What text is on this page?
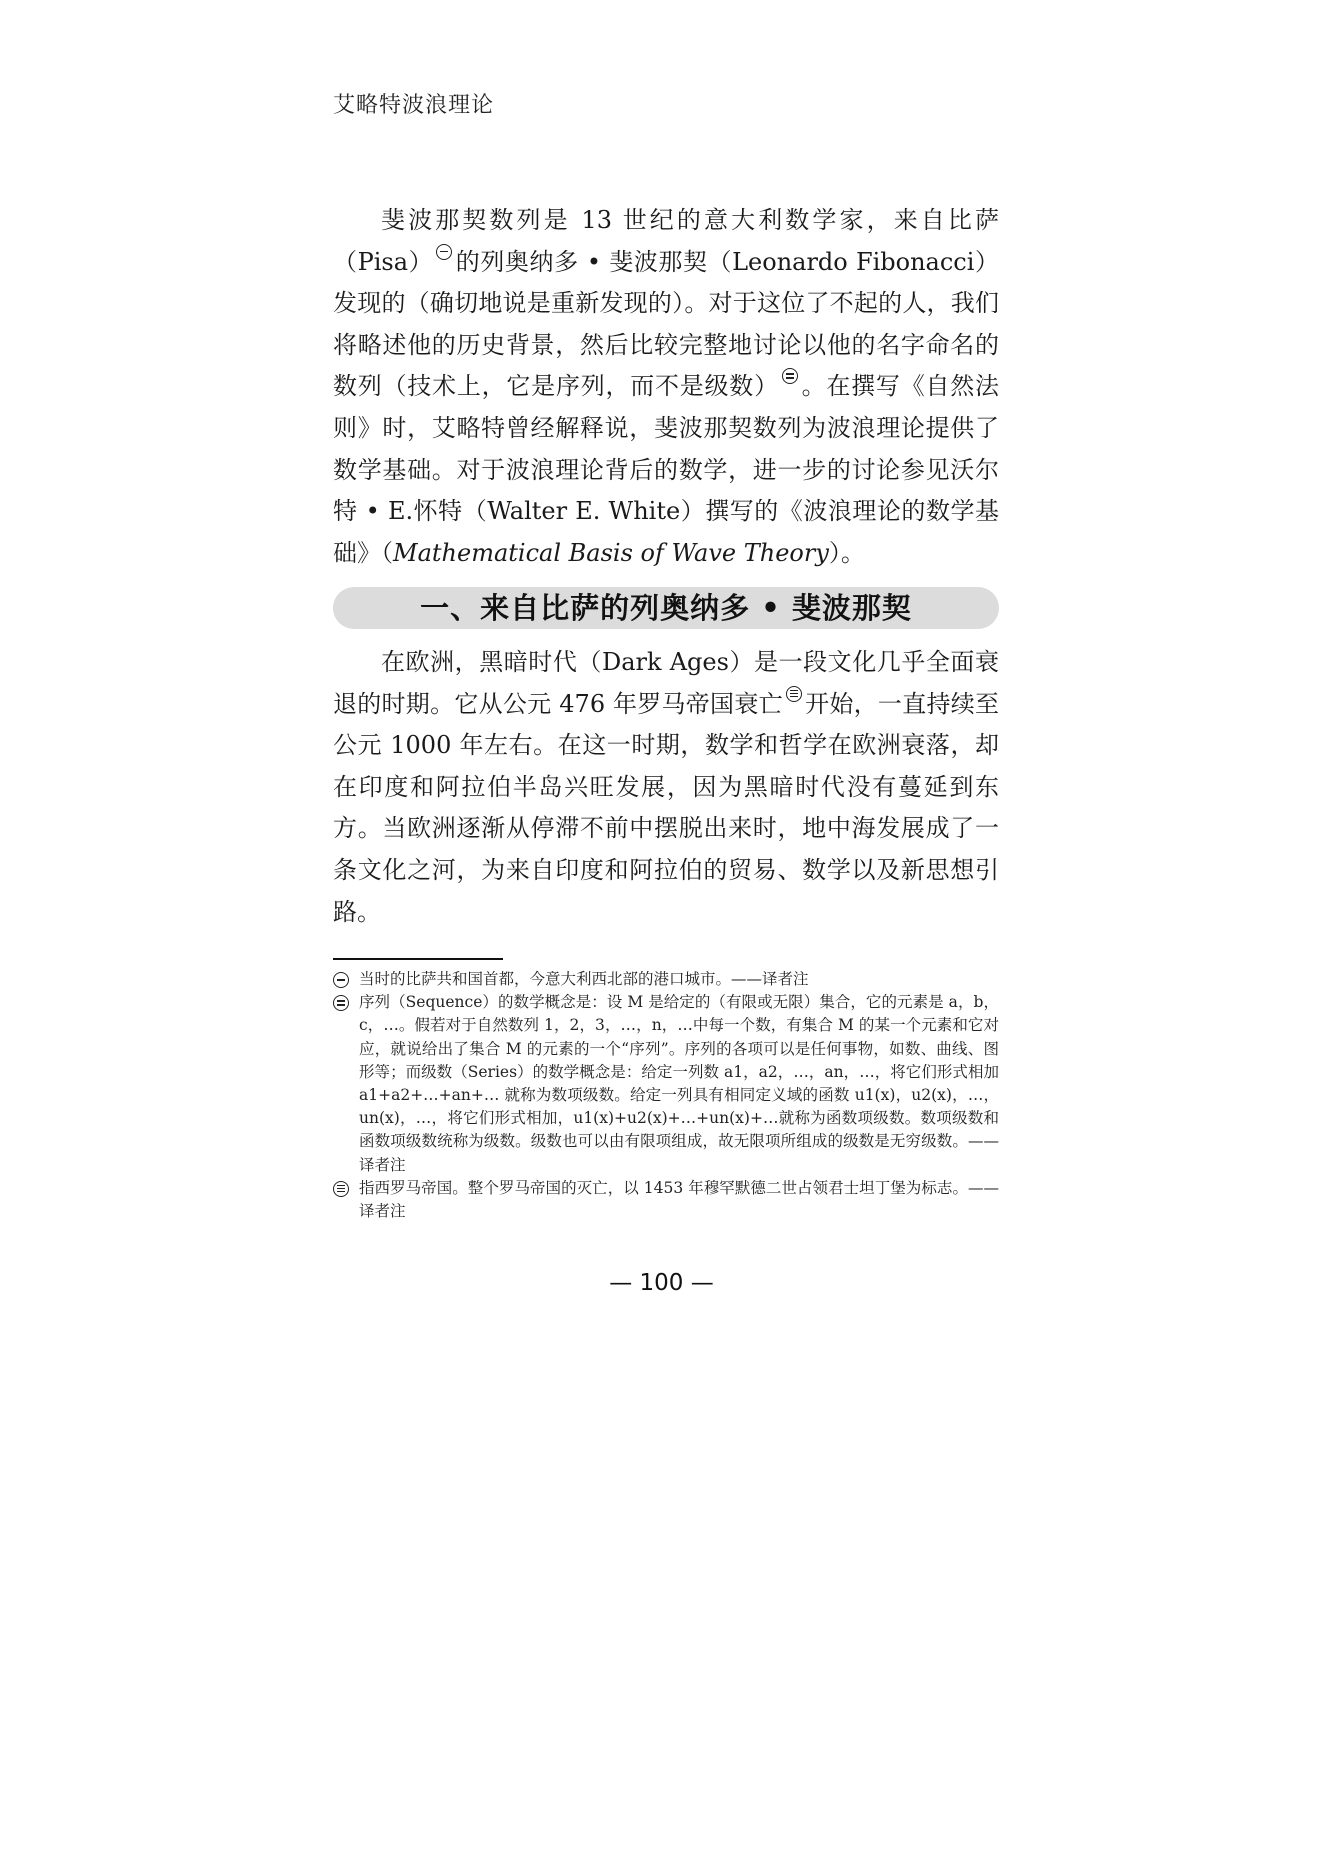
艾略特波浪理论

斐波那契数列是 13 世纪的意大利数学家，来自比萨（Pisa） 的列奥纳多 • 斐波那契（Leonardo Fibonacci）发现的（确切地说是重新发现的）。对于这位了不起的人，我们将略述他的历史背景，然后比较完整地讨论以他的名字命名的数列（技术上，它是序列，而不是级数） 。在撰写《自然法则》时，艾略特曾经解释说，斐波那契数列为波浪理论提供了数学基础。对于波浪理论背后的数学，进一步的讨论参见沃尔特 • E.怀特（Walter E. White）撰写的《波浪理论的数学基础》（Mathematical Basis of Wave Theory）。

一、来自比萨的列奥纳多 • 斐波那契

在欧洲，黑暗时代（Dark Ages）是一段文化几乎全面衰退的时期。它从公元 476 年罗马帝国衰亡 开始，一直持续至公元 1000 年左右。在这一时期，数学和哲学在欧洲衰落，却在印度和阿拉伯半岛兴旺发展，因为黑暗时代没有蔓延到东方。当欧洲逐渐从停滞不前中摆脱出来时，地中海发展成了一条文化之河，为来自印度和阿拉伯的贸易、数学以及新思想引路。

当时的比萨共和国首都，今意大利西北部的港口城市。——译者注
序列（Sequence）的数学概念是：设 M 是给定的（有限或无限）集合，它的元素是 a，b，c，…。假若对于自然数列 1，2，3，…，n，…中每一个数，有集合 M 的某一个元素和它对应，就说给出了集合 M 的元素的一个“序列”。序列的各项可以是任何事物，如数、曲线、图形等；而级数（Series）的数学概念是：给定一列数 a1，a2，…，an，…，将它们形式相加 a1+a2+…+an+… 就称为数项级数。给定一列具有相同定义域的函数 u1(x)，u2(x)，…，un(x)，…，将它们形式相加，u1(x)+u2(x)+…+un(x)+…就称为函数项级数。数项级数和函数项级数统称为级数。级数也可以由有限项组成，故无限项所组成的级数是无穷级数。——译者注
指西罗马帝国。整个罗马帝国的灭亡，以 1453 年穆罕默德二世占领君士坦丁堡为标志。——译者注
— 100 —
